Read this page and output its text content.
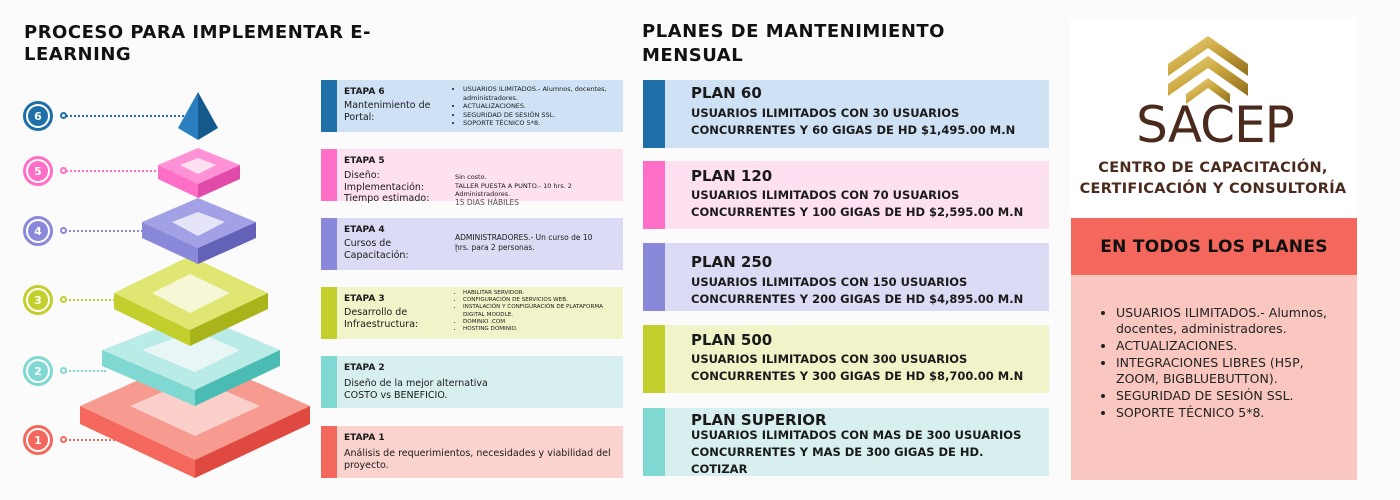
PROCESO PARA IMPLEMENTAR E-LEARNING
6
5
4
3
2
1
ETAPA 6
Mantenimiento de Portal:
• USUARIOS ILIMITADOS.- Alumnos, docentes, administradores.
• ACTUALIZACIONES.
• SEGURIDAD DE SESIÓN SSL.
• SOPORTE TÉCNICO 5*8.
ETAPA 5
Diseño:
Implementación:
Tiempo estimado:
Sin costo.
TALLER PUESTA A PUNTO.- 10 hrs. 2 Administradores.
15 DIAS HÁBILES
ETAPA 4
Cursos de Capacitación:
ADMINISTRADORES.- Un curso de 10 hrs. para 2 personas.
`
ETAPA 3
Desarrollo de Infraestructura:
• HABILITAR SERVIDOR.
• CONFIGURACIÓN DE SERVICIOS WEB.
• INSTALACIÓN Y CONFIGURACIÓN DE PLATAFORMA DIGITAL MOODLE.
• DOMINIO .COM
• HOSTING DOMINIO.
ETAPA 2
Diseño de la mejor alternativa COSTO vs BENEFICIO.
ETAPA 1
Análisis de requerimientos, necesidades y viabilidad del proyecto.
PLANES DE MANTENIMIENTO MENSUAL
PLAN 60
USUARIOS ILIMITADOS CON 30 USUARIOS CONCURRENTES Y 60 GIGAS DE HD $1,495.00 M.N
PLAN 120
USUARIOS ILIMITADOS CON 70 USUARIOS CONCURRENTES Y 100 GIGAS DE HD $2,595.00 M.N
PLAN 250
USUARIOS ILIMITADOS CON 150 USUARIOS CONCURRENTES Y 200 GIGAS DE HD $4,895.00 M.N
PLAN 500
USUARIOS ILIMITADOS CON 300 USUARIOS CONCURRENTES Y 300 GIGAS DE HD $8,700.00 M.N
PLAN SUPERIOR
USUARIOS ILIMITADOS CON MAS DE 300 USUARIOS CONCURRENTES Y MAS DE 300 GIGAS DE HD. COTIZAR
SACEP
CENTRO DE CAPACITACIÓN, CERTIFICACIÓN Y CONSULTORÍA
EN TODOS LOS PLANES
• USUARIOS ILIMITADOS.- Alumnos, docentes, administradores.
• ACTUALIZACIONES.
• INTEGRACIONES LIBRES (H5P, ZOOM, BIGBLUEBUTTON).
• SEGURIDAD DE SESIÓN SSL.
• SOPORTE TÉCNICO 5*8.
